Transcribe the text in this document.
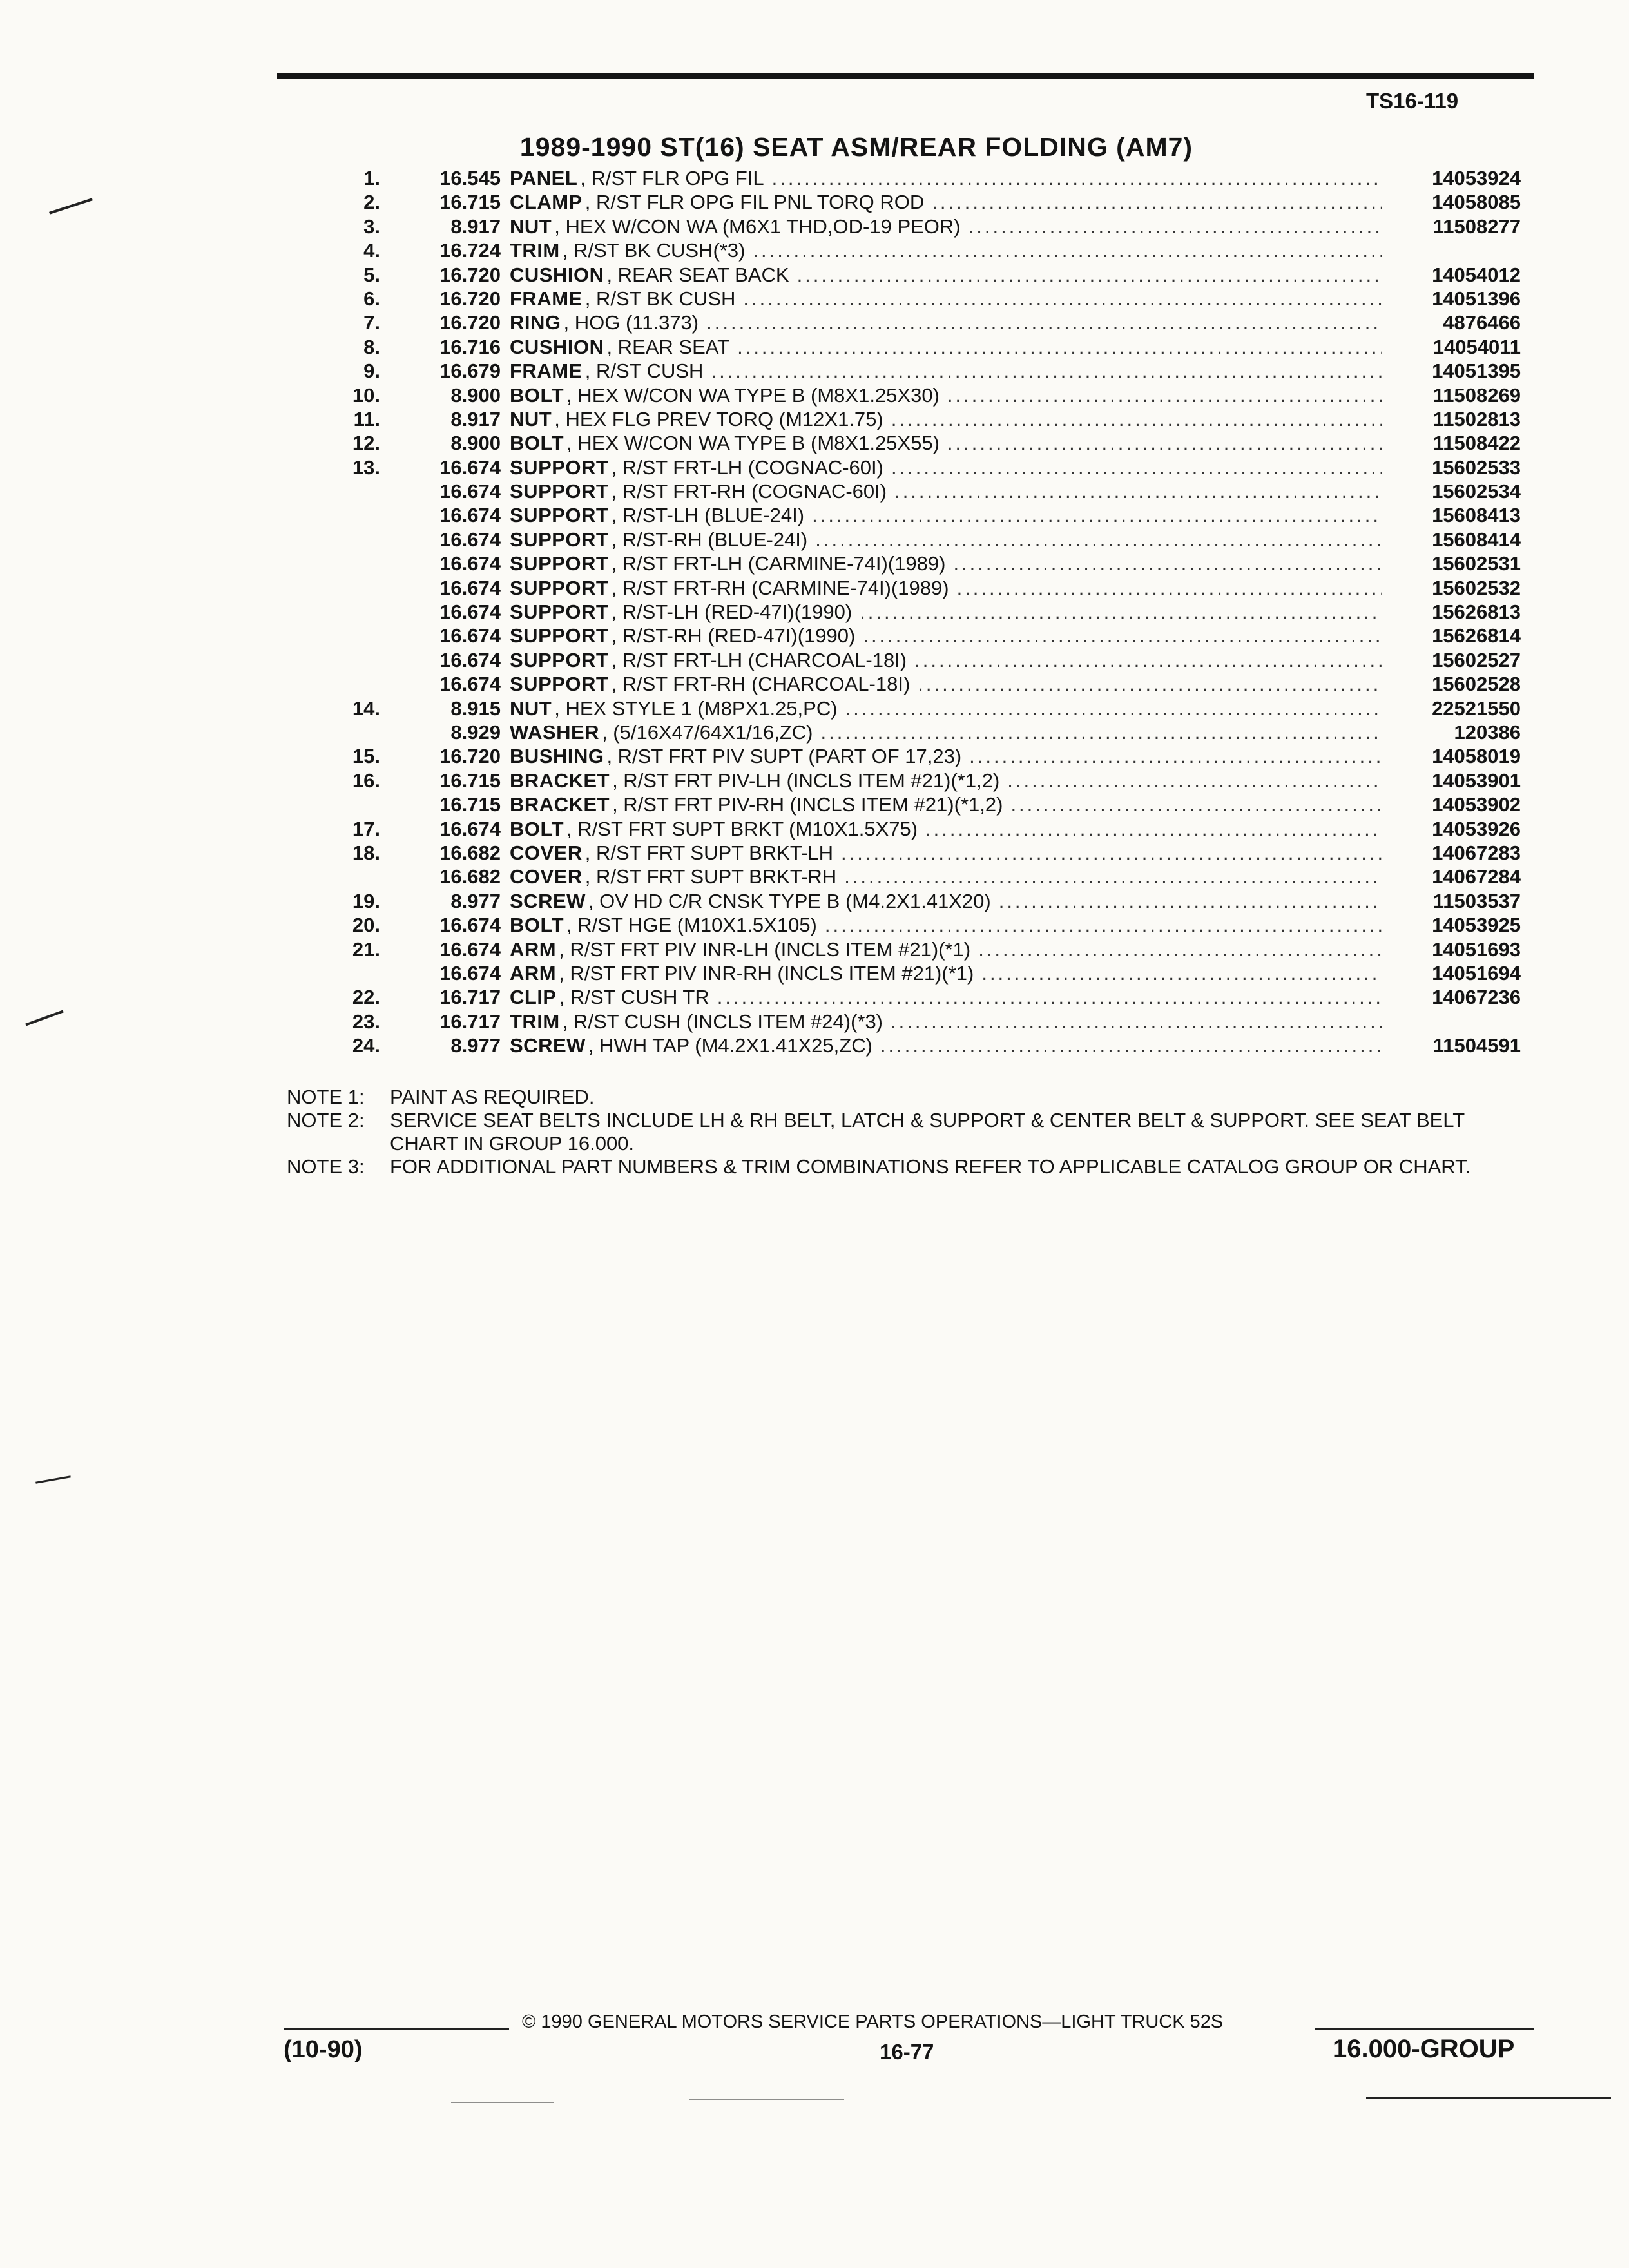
TS16-119
1989-1990 ST(16) SEAT ASM/REAR FOLDING (AM7)
1.	16.545 PANEL , R/ST FLR OPG FIL .....	14053924
2.	16.715 CLAMP , R/ST FLR OPG FIL PNL TORQ ROD .....	14058085
3.	8.917 NUT , HEX W/CON WA (M6X1 THD,OD-19 PEOR) .....	11508277
4.	16.724 TRIM , R/ST BK CUSH(*3)
.....
5.	16.720 CUSHION , REAR SEAT BACK .....	14054012
6.	16.720 FRAME , R/ST BK CUSH .....	14051396
7.	16.720 RING , HOG (11.373) .....	4876466
8.	16.716 CUSHION , REAR SEAT .....	14054011
9.	16.679 FRAME , R/ST CUSH .....	14051395
10.	8.900 BOLT , HEX W/CON WA TYPE B (M8X1.25X30) .....	11508269
11.	8.917 NUT , HEX FLG PREV TORQ (M12X1.75) .....	11502813
12.	8.900 BOLT , HEX W/CON WA TYPE B (M8X1.25X55) .....	11508422
13.	16.674 SUPPORT , R/ST FRT-LH (COGNAC-60I) .....	15602533
16.674 SUPPORT , R/ST FRT-RH (COGNAC-60I) .....	15602534
16.674 SUPPORT , R/ST-LH (BLUE-24I) .....	15608413
16.674 SUPPORT , R/ST-RH (BLUE-24I) .....	15608414
16.674 SUPPORT , R/ST FRT-LH (CARMINE-74I)(1989) .....	15602531
16.674 SUPPORT , R/ST FRT-RH (CARMINE-74I)(1989) .....	15602532
16.674 SUPPORT , R/ST-LH (RED-47I)(1990) .....	15626813
16.674 SUPPORT , R/ST-RH (RED-47I)(1990) .....	15626814
16.674 SUPPORT , R/ST FRT-LH (CHARCOAL-18I) .....	15602527
16.674 SUPPORT , R/ST FRT-RH (CHARCOAL-18I) .....	15602528
14.	8.915 NUT , HEX STYLE 1 (M8PX1.25,PC) .....	22521550
8.929 WASHER , (5/16X47/64X1/16,ZC) .....	120386
15.	16.720 BUSHING , R/ST FRT PIV SUPT (PART OF 17,23) .....	14058019
16.	16.715 BRACKET , R/ST FRT PIV-LH (INCLS ITEM #21)(*1,2) .....	14053901
16.715 BRACKET , R/ST FRT PIV-RH (INCLS ITEM #21)(*1,2) .....	14053902
17.	16.674 BOLT , R/ST FRT SUPT BRKT (M10X1.5X75) .....	14053926
18.	16.682 COVER , R/ST FRT SUPT BRKT-LH .....	14067283
16.682 COVER , R/ST FRT SUPT BRKT-RH .....	14067284
19.	8.977 SCREW , OV HD C/R CNSK TYPE B (M4.2X1.41X20) .....	11503537
20.	16.674 BOLT , R/ST HGE (M10X1.5X105) .....	14053925
21.	16.674 ARM , R/ST FRT PIV INR-LH (INCLS ITEM #21)(*1) .....	14051693
16.674 ARM , R/ST FRT PIV INR-RH (INCLS ITEM #21)(*1) .....	14051694
22.	16.717 CLIP , R/ST CUSH TR .....	14067236
23.	16.717 TRIM , R/ST CUSH (INCLS ITEM #24)(*3)
.....
24.	8.977 SCREW , HWH TAP (M4.2X1.41X25,ZC) .....	11504591
NOTE 1:	PAINT AS REQUIRED.
NOTE 2:	SERVICE SEAT BELTS INCLUDE LH & RH BELT, LATCH & SUPPORT & CENTER BELT & SUPPORT. SEE SEAT BELT CHART IN GROUP 16.000.
NOTE 3:	FOR ADDITIONAL PART NUMBERS & TRIM COMBINATIONS REFER TO APPLICABLE CATALOG GROUP OR CHART.
© 1990 GENERAL MOTORS SERVICE PARTS OPERATIONS—LIGHT TRUCK 52S
(10-90)	16-77	16.000-GROUP
